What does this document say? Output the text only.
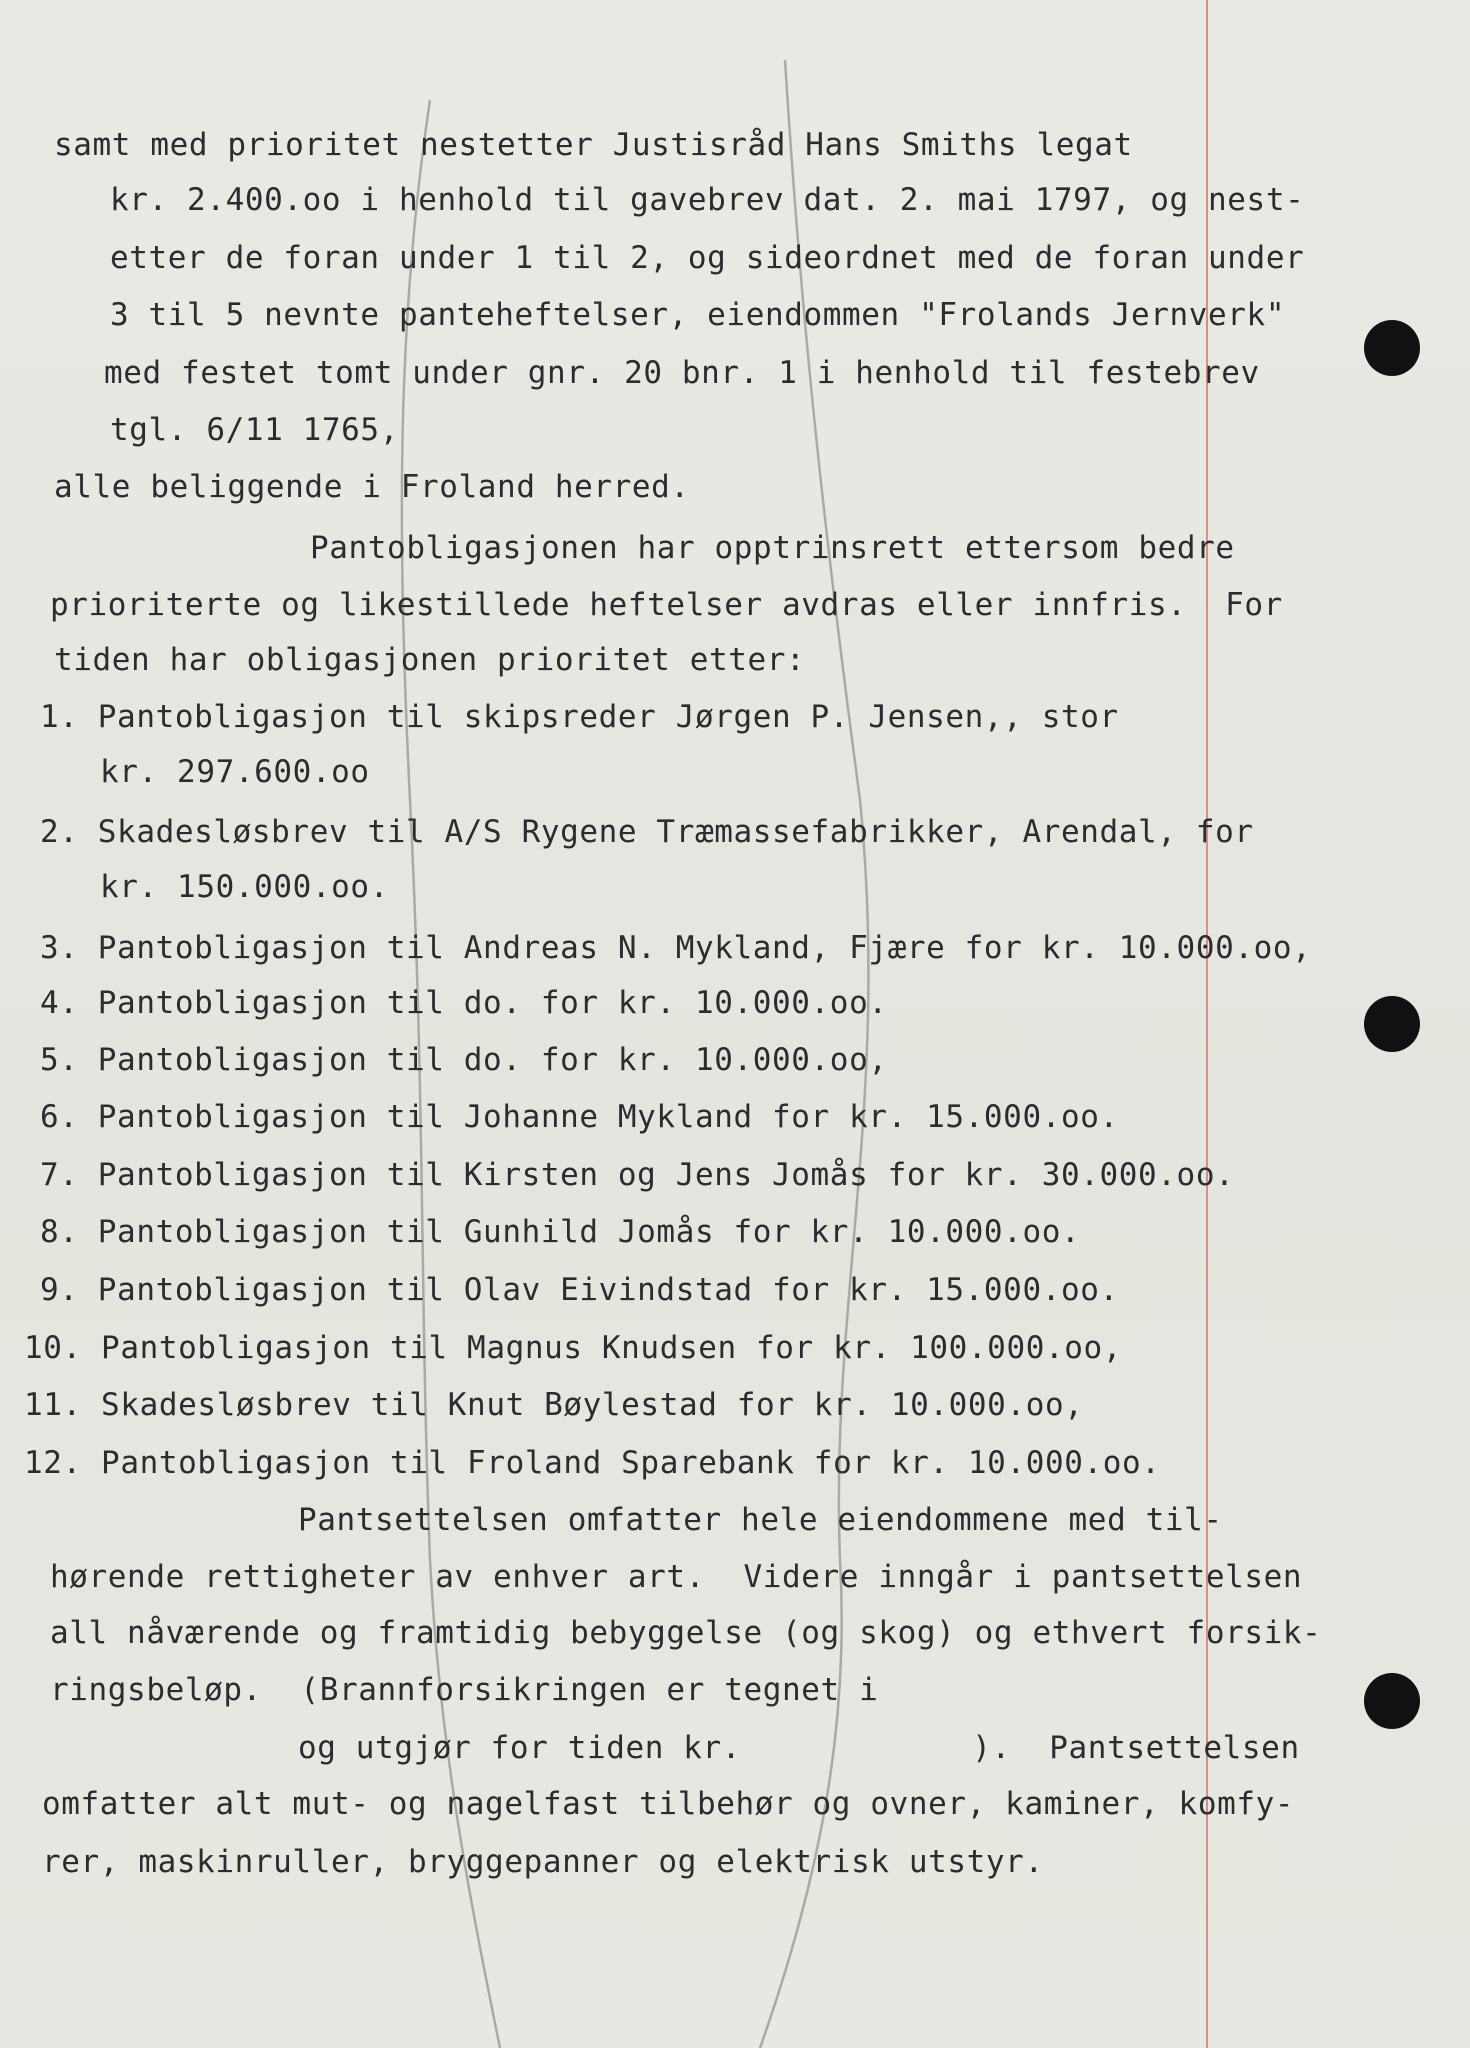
samt med prioritet nestetter Justisråd Hans Smiths legat
kr. 2.400.oo i henhold til gavebrev dat. 2. mai 1797, og nest-
etter de foran under 1 til 2, og sideordnet med de foran under
3 til 5 nevnte panteheftelser, eiendommen "Frolands Jernverk"
med festet tomt under gnr. 20 bnr. 1 i henhold til festebrev
tgl. 6/11 1765,
alle beliggende i Froland herred.
Pantobligasjonen har opptrinsrett ettersom bedre
prioriterte og likestillede heftelser avdras eller innfris.  For
tiden har obligasjonen prioritet etter:
1. Pantobligasjon til skipsreder Jørgen P. Jensen,, stor
kr. 297.600.oo
2. Skadesløsbrev til A/S Rygene Træmassefabrikker, Arendal, for
kr. 150.000.oo.
3. Pantobligasjon til Andreas N. Mykland, Fjære for kr. 10.000.oo,
4. Pantobligasjon til do. for kr. 10.000.oo.
5. Pantobligasjon til do. for kr. 10.000.oo,
6. Pantobligasjon til Johanne Mykland for kr. 15.000.oo.
7. Pantobligasjon til Kirsten og Jens Jomås for kr. 30.000.oo.
8. Pantobligasjon til Gunhild Jomås for kr. 10.000.oo.
9. Pantobligasjon til Olav Eivindstad for kr. 15.000.oo.
10. Pantobligasjon til Magnus Knudsen for kr. 100.000.oo,
11. Skadesløsbrev til Knut Bøylestad for kr. 10.000.oo,
12. Pantobligasjon til Froland Sparebank for kr. 10.000.oo.
Pantsettelsen omfatter hele eiendommene med til-
hørende rettigheter av enhver art.  Videre inngår i pantsettelsen
all nåværende og framtidig bebyggelse (og skog) og ethvert forsik-
ringsbeløp.  (Brannforsikringen er tegnet i
og utgjør for tiden kr.            ).  Pantsettelsen
omfatter alt mut- og nagelfast tilbehør og ovner, kaminer, komfy-
rer, maskinruller, bryggepanner og elektrisk utstyr.
